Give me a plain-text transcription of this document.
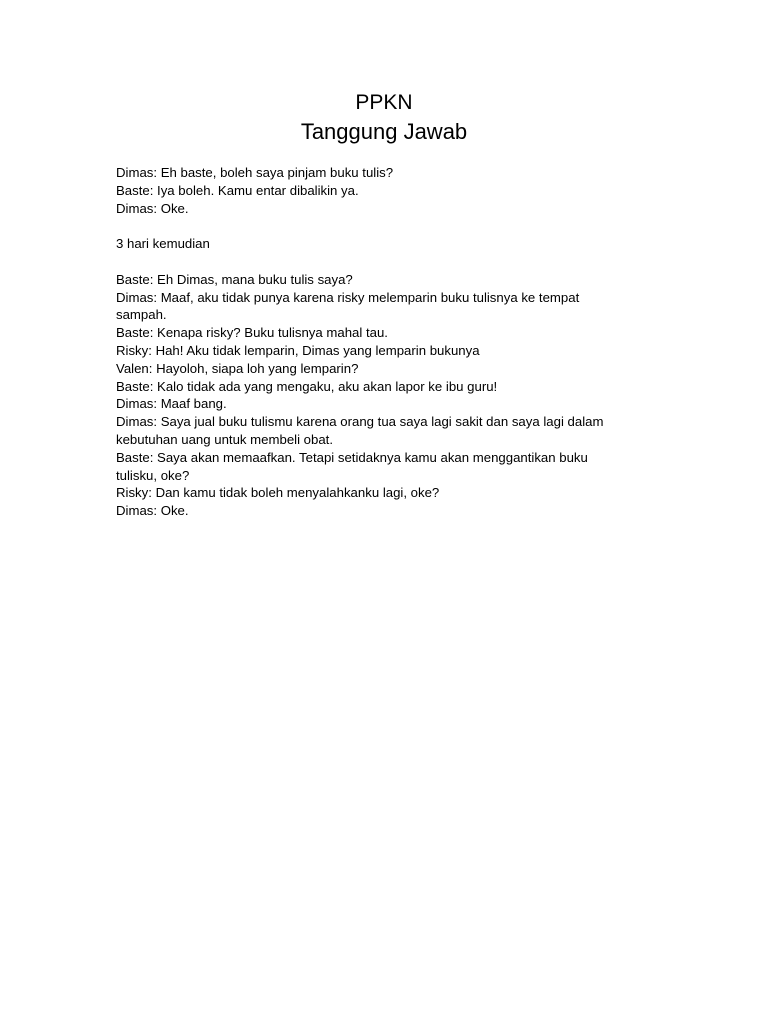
PPKN
Tanggung Jawab
Dimas: Eh baste, boleh saya pinjam buku tulis?
Baste: Iya boleh. Kamu entar dibalikin ya.
Dimas: Oke.
3 hari kemudian
Baste: Eh Dimas, mana buku tulis saya?
Dimas: Maaf, aku tidak punya karena risky melemparin buku tulisnya ke tempat
sampah.
Baste: Kenapa risky? Buku tulisnya mahal tau.
Risky: Hah! Aku tidak lemparin, Dimas yang lemparin bukunya
Valen: Hayoloh, siapa loh yang lemparin?
Baste: Kalo tidak ada yang mengaku, aku akan lapor ke ibu guru!
Dimas: Maaf bang.
Dimas: Saya jual buku tulismu karena orang tua saya lagi sakit dan saya lagi dalam
kebutuhan uang untuk membeli obat.
Baste: Saya akan memaafkan. Tetapi setidaknya kamu akan menggantikan buku
tulisku, oke?
Risky: Dan kamu tidak boleh menyalahkanku lagi, oke?
Dimas: Oke.
